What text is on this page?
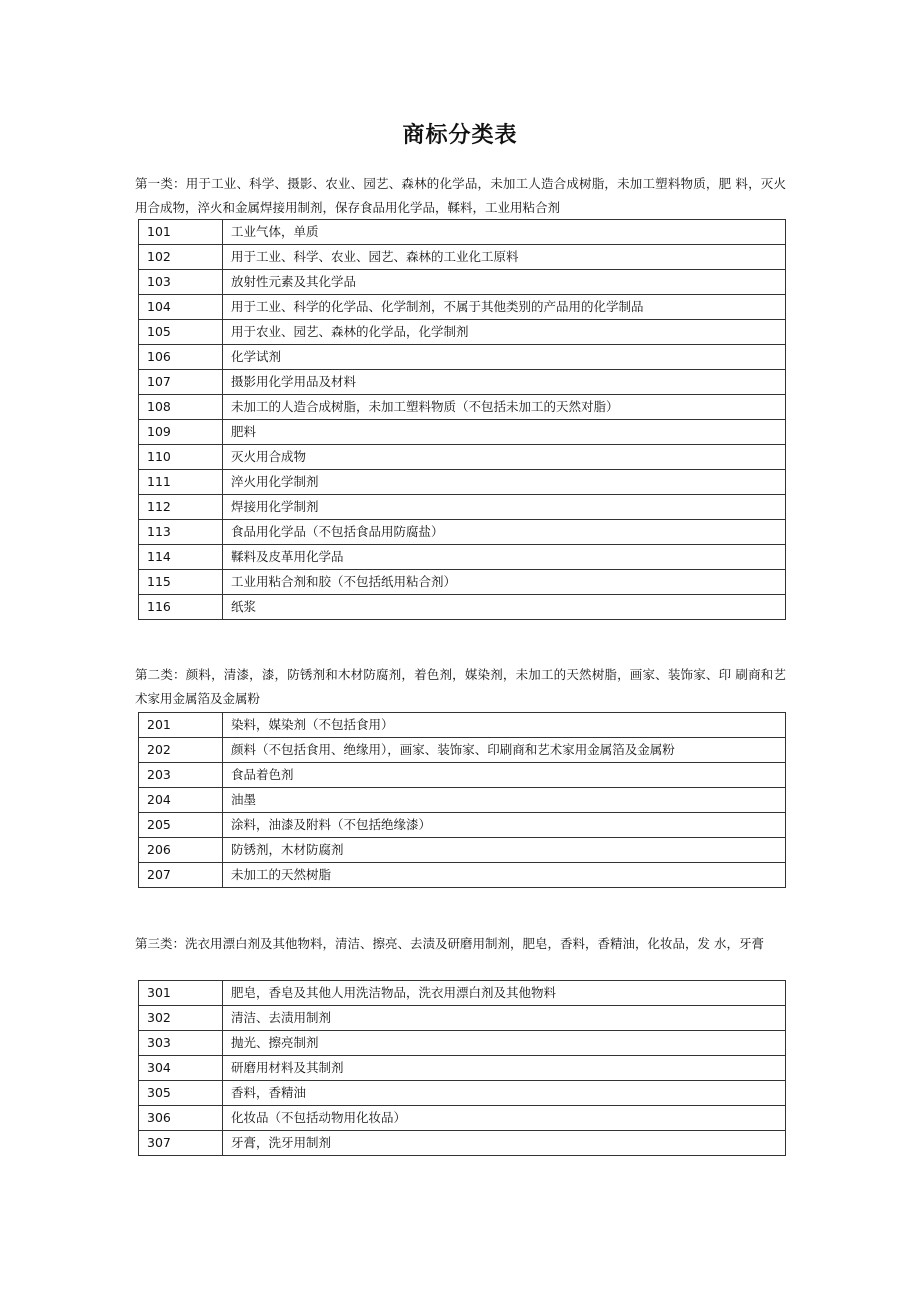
商标分类表

第一类：用于工业、科学、摄影、农业、园艺、森林的化学品，未加工人造合成树脂，未加工塑料物质，肥 料，灭火用合成物，淬火和金属焊接用制剂，保存食品用化学品，鞣料，工业用粘合剂

101	工业气体，单质
102	用于工业、科学、农业、园艺、森林的工业化工原料
103	放射性元素及其化学品
104	用于工业、科学的化学品、化学制剂，不属于其他类别的产品用的化学制品
105	用于农业、园艺、森林的化学品，化学制剂
106	化学试剂
107	摄影用化学用品及材料
108	未加工的人造合成树脂，未加工塑料物质（不包括未加工的天然对脂）
109	肥料
110	灭火用合成物
111	淬火用化学制剂
112	焊接用化学制剂
113	食品用化学品（不包括食品用防腐盐）
114	鞣料及皮革用化学品
115	工业用粘合剂和胶（不包括纸用粘合剂）
116	纸浆

第二类：颜料，清漆，漆，防锈剂和木材防腐剂，着色剂，媒染剂，未加工的天然树脂，画家、装饰家、印 刷商和艺术家用金属箔及金属粉

201	染料，媒染剂（不包括食用）
202	颜料（不包括食用、绝缘用），画家、装饰家、印刷商和艺术家用金属箔及金属粉
203	食品着色剂
204	油墨
205	涂料，油漆及附料（不包括绝缘漆）
206	防锈剂，木材防腐剂
207	未加工的天然树脂

第三类：洗衣用漂白剂及其他物料，清洁、擦亮、去渍及研磨用制剂，肥皂，香料，香精油，化妆品，发 水，牙膏

301	肥皂，香皂及其他人用洗洁物品，洗衣用漂白剂及其他物料
302	清洁、去渍用制剂
303	抛光、擦亮制剂
304	研磨用材料及其制剂
305	香料，香精油
306	化妆品（不包括动物用化妆品）
307	牙膏，洗牙用制剂
